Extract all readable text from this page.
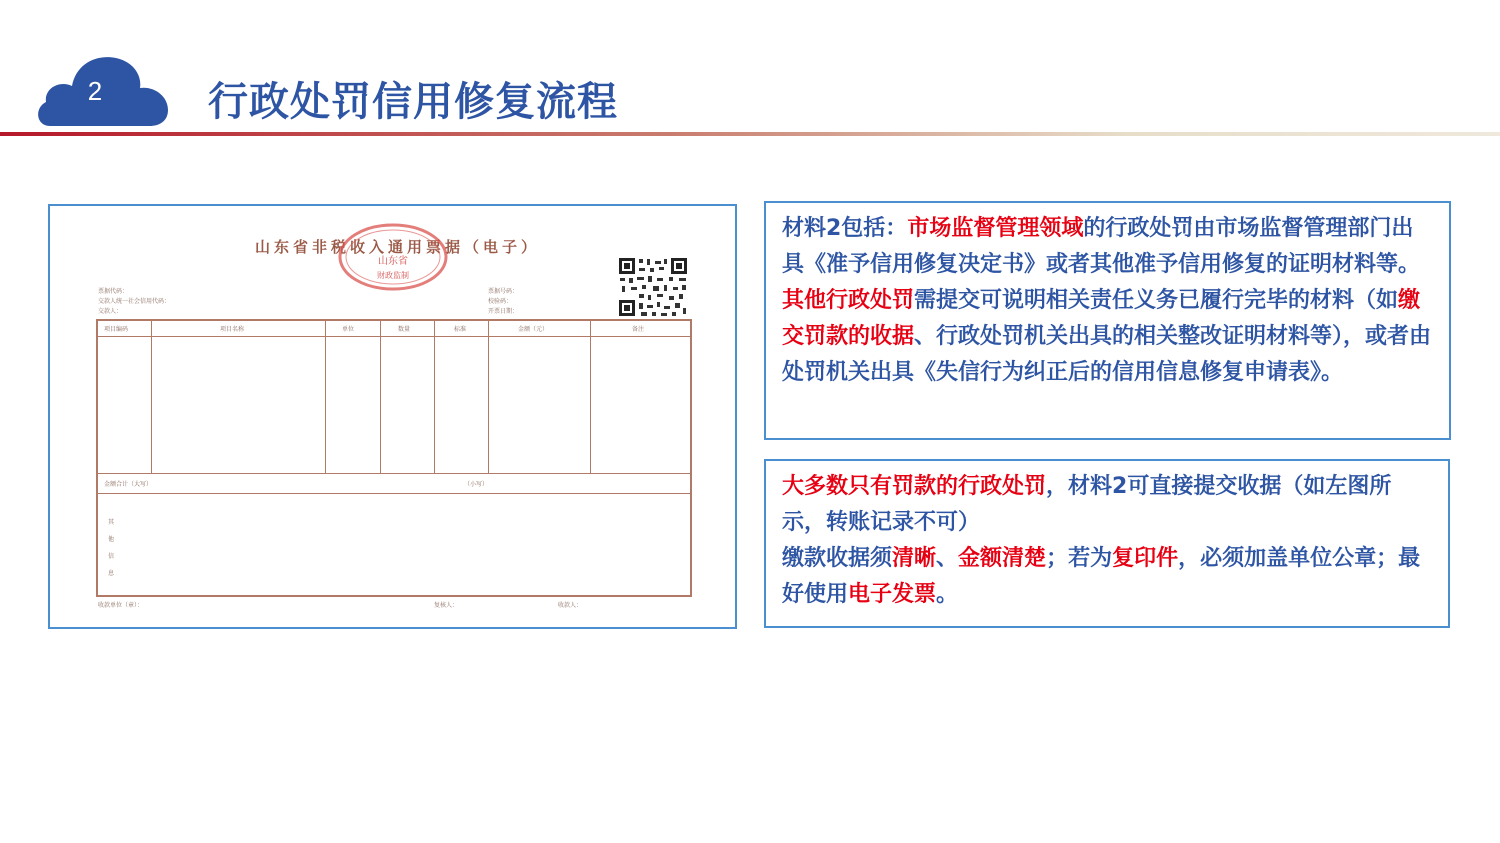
2	行政处罚信用修复流程
山东省非税收入通用票据（电子）
山东省
财政监制
票据代码：
交款人统一社会信用代码：
交款人：
票据号码：
校验码：
开票日期：
项目编码	项目名称	单位	数量	标准	金额（元）	备注
金额合计（大写）	（小写）
其
他
信
息
收款单位（章）：	复核人：	收款人：

材料2包括：市场监督管理领域的行政处罚由市场监督管理部门出具《准予信用修复决定书》或者其他准予信用修复的证明材料等。其他行政处罚需提交可说明相关责任义务已履行完毕的材料（如缴交罚款的收据、行政处罚机关出具的相关整改证明材料等），或者由处罚机关出具《失信行为纠正后的信用信息修复申请表》。

大多数只有罚款的行政处罚，材料2可直接提交收据（如左图所示，转账记录不可）

缴款收据须清晰、金额清楚；若为复印件，必须加盖单位公章；最好使用电子发票。
